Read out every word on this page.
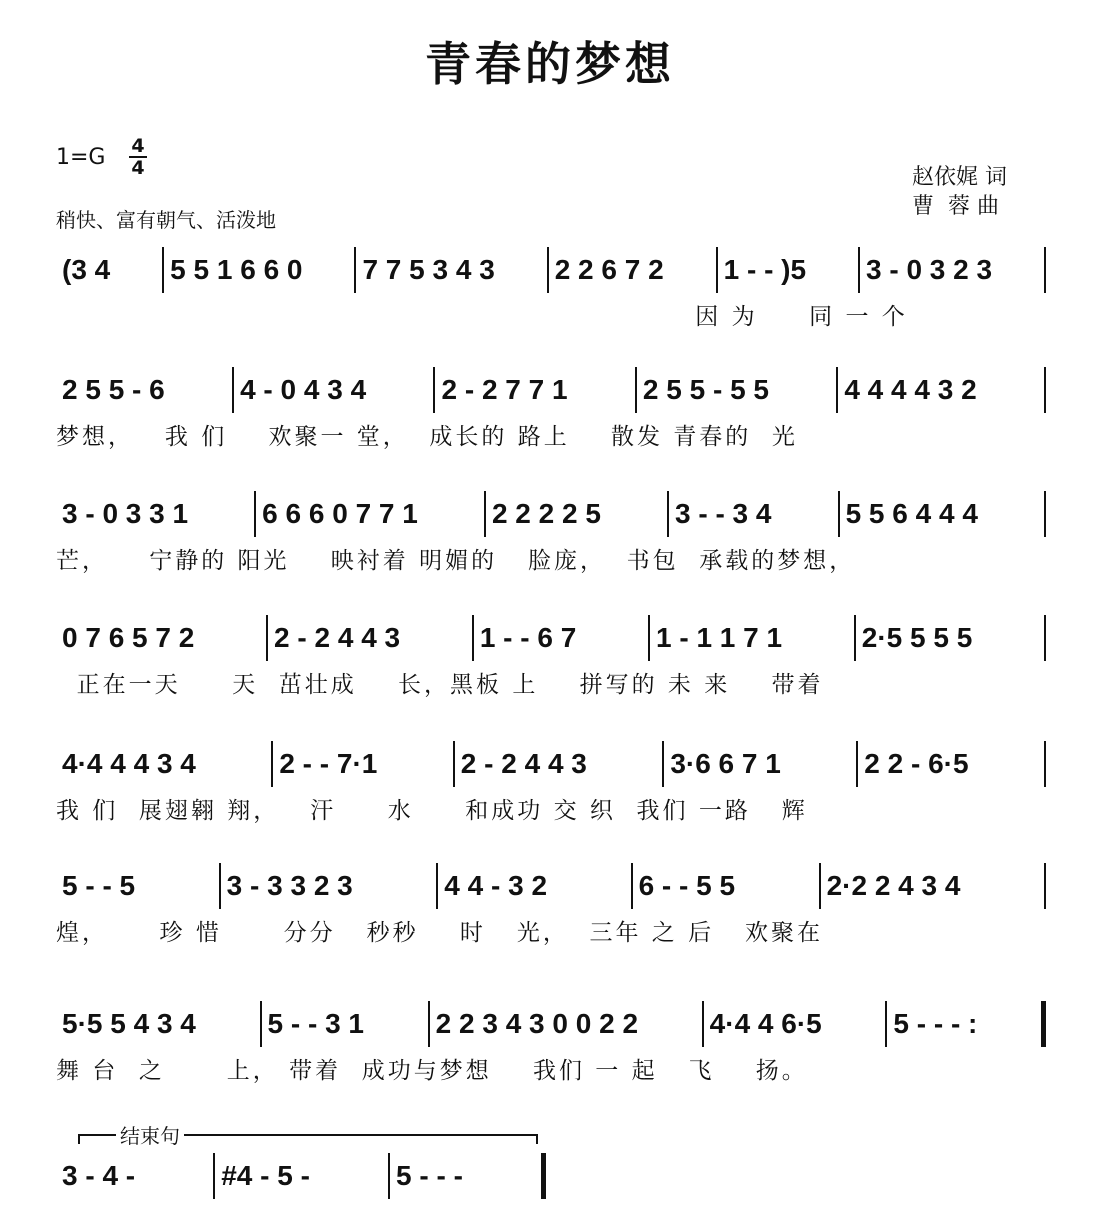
青春的梦想
1=G 4
4
稍快、富有朝气、活泼地
赵依娓 词
曹  蓉 曲
(3 4	5 5 1 6 6 0	7 7 5 3 4 3	2 2 6 7 2	1 - - )5	3 - 0 3 2 3
因 为     同 一 个
2 5 5 - 6	4 - 0 4 3 4	2 - 2 7 7 1	2 5 5 - 5 5	4 4 4 4 3 2
梦想，   我 们    欢聚一 堂，  成长的 路上    散发 青春的  光
3 - 0 3 3 1	6 6 6 0 7 7 1	2 2 2 2 5	3 - - 3 4	5 5 6 4 4 4
芒，    宁静的 阳光    映衬着 明媚的   脸庞，  书包  承载的梦想，
0 7 6 5 7 2	2 - 2 4 4 3	1 - - 6 7	1 - 1 1 7 1	2·5 5 5 5
正在一天     天  茁壮成    长，黑板 上    拼写的 未 来    带着
4·4 4 4 3 4	2 - - 7·1	2 - 2 4 4 3	3·6 6 7 1	2 2 - 6·5
我 们  展翅翱 翔，   汗     水     和成功 交 织  我们 一路   辉
5 - - 5	3 - 3 3 2 3	4 4 - 3 2	6 - - 5 5	2·2 2 4 3 4
煌，     珍 惜      分分   秒秒    时   光，  三年 之 后   欢聚在
5·5 5 4 3 4	5 - - 3 1	2 2 3 4 3 0 0 2 2	4·4 4 6·5	5 - - - :
舞 台  之      上， 带着  成功与梦想    我们 一 起   飞    扬。
结束句
3 - 4 -	#4 - 5 -	5 - - -
